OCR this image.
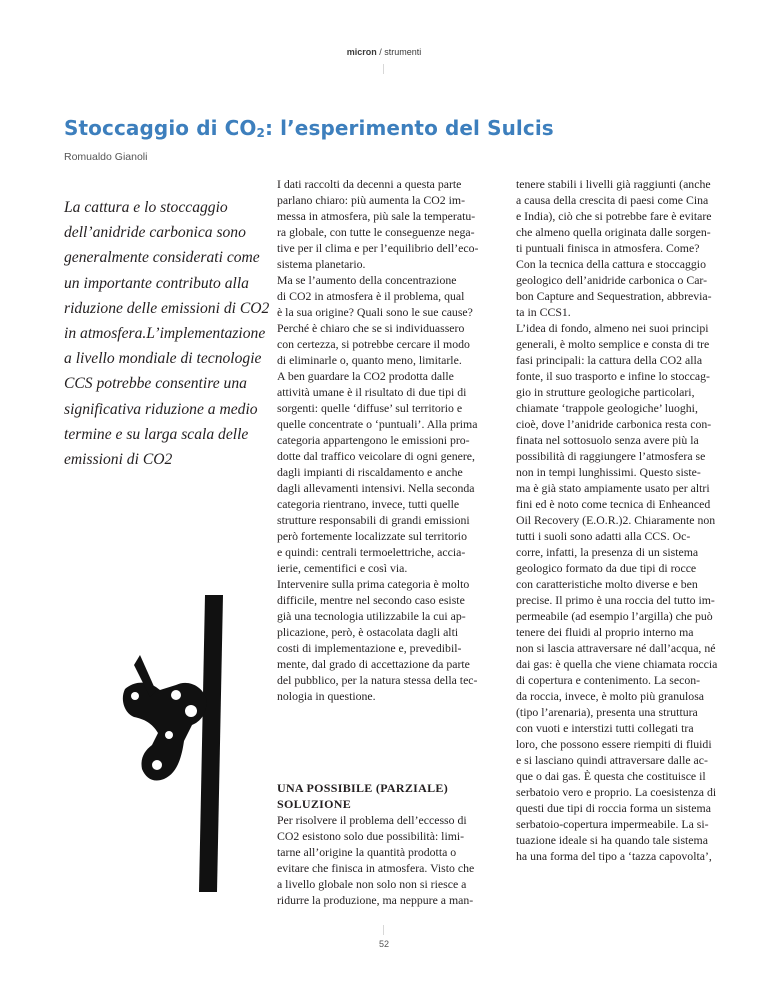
micron / strumenti
Stoccaggio di $CO_2$: l’esperimento del Sulcis
Romualdo Gianoli
La cattura e lo stoccaggio
dell’anidride carbonica sono
generalmente considerati come
un importante contributo alla
riduzione delle emissioni di CO2
in atmosfera.L’implementazione
a livello mondiale di tecnologie
CCS potrebbe consentire una
significativa riduzione a medio
termine e su larga scala delle
emissioni di CO2
I dati raccolti da decenni a questa parte
parlano chiaro: più aumenta la CO2 im-
messa in atmosfera, più sale la temperatu-
ra globale, con tutte le conseguenze nega-
tive per il clima e per l’equilibrio dell’eco-
sistema planetario.
Ma se l’aumento della concentrazione
di CO2 in atmosfera è il problema, qual
è la sua origine? Quali sono le sue cause?
Perché è chiaro che se si individuassero
con certezza, si potrebbe cercare il modo
di eliminarle o, quanto meno, limitarle.
A ben guardare la CO2 prodotta dalle
attività umane è il risultato di due tipi di
sorgenti: quelle ‘diffuse’ sul territorio e
quelle concentrate o ‘puntuali’. Alla prima
categoria appartengono le emissioni pro-
dotte dal traffico veicolare di ogni genere,
dagli impianti di riscaldamento e anche
dagli allevamenti intensivi. Nella seconda
categoria rientrano, invece, tutti quelle
strutture responsabili di grandi emissioni
però fortemente localizzate sul territorio
e quindi: centrali termoelettriche, accia-
ierie, cementifici e così via.
Intervenire sulla prima categoria è molto
difficile, mentre nel secondo caso esiste
già una tecnologia utilizzabile la cui ap-
plicazione, però, è ostacolata dagli alti
costi di implementazione e, prevedibil-
mente, dal grado di accettazione da parte
del pubblico, per la natura stessa della tec-
nologia in questione.
UNA POSSIBILE (PARZIALE)
SOLUZIONE
Per risolvere il problema dell’eccesso di
CO2 esistono solo due possibilità: limi-
tarne all’origine la quantità prodotta o
evitare che finisca in atmosfera. Visto che
a livello globale non solo non si riesce a
ridurre la produzione, ma neppure a man-
tenere stabili i livelli già raggiunti (anche
a causa della crescita di paesi come Cina
e India), ciò che si potrebbe fare è evitare
che almeno quella originata dalle sorgen-
ti puntuali finisca in atmosfera. Come?
Con la tecnica della cattura e stoccaggio
geologico dell’anidride carbonica o Car-
bon Capture and Sequestration, abbrevia-
ta in CCS1.
L’idea di fondo, almeno nei suoi principi
generali, è molto semplice e consta di tre
fasi principali: la cattura della CO2 alla
fonte, il suo trasporto e infine lo stoccag-
gio in strutture geologiche particolari,
chiamate ‘trappole geologiche’ luoghi,
cioè, dove l’anidride carbonica resta con-
finata nel sottosuolo senza avere più la
possibilità di raggiungere l’atmosfera se
non in tempi lunghissimi. Questo siste-
ma è già stato ampiamente usato per altri
fini ed è noto come tecnica di Enheanced
Oil Recovery (E.O.R.)2. Chiaramente non
tutti i suoli sono adatti alla CCS. Oc-
corre, infatti, la presenza di un sistema
geologico formato da due tipi di rocce
con caratteristiche molto diverse e ben
precise. Il primo è una roccia del tutto im-
permeabile (ad esempio l’argilla) che può
tenere dei fluidi al proprio interno ma
non si lascia attraversare né dall’acqua, né
dai gas: è quella che viene chiamata roccia
di copertura e contenimento. La secon-
da roccia, invece, è molto più granulosa
(tipo l’arenaria), presenta una struttura
con vuoti e interstizi tutti collegati tra
loro, che possono essere riempiti di fluidi
e si lasciano quindi attraversare dalle ac-
que o dai gas. È questa che costituisce il
serbatoio vero e proprio. La coesistenza di
questi due tipi di roccia forma un sistema
serbatoio-copertura impermeabile. La si-
tuazione ideale si ha quando tale sistema
ha una forma del tipo a ‘tazza capovolta’,
52
